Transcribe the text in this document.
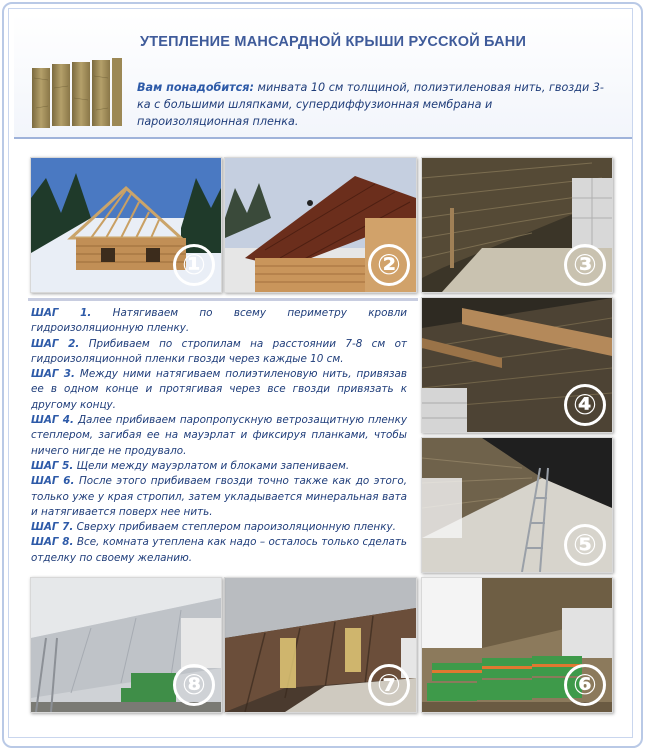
УТЕПЛЕНИЕ МАНСАРДНОЙ КРЫШИ РУССКОЙ БАНИ
Вам понадобится: минвата 10 см толщиной, полиэтиленовая нить, гвозди 3-ка с большими шляпками, супердиффузионная мембрана и пароизоляционная пленка.
①	②	③
④
⑤
⑥
⑦
⑧

ШАГ 1. Натягиваем по всему периметру кровли гидроизоляционную пленку.

ШАГ 2. Прибиваем по стропилам на расстоянии 7-8 см от гидроизоляционной пленки гвозди через каждые 10 см.

ШАГ 3. Между ними натягиваем полиэтиленовую нить, привязав ее в одном конце и протягивая через все гвозди привязать к другому концу.

ШАГ 4. Далее прибиваем паропропускную ветрозащитную пленку степлером, загибая ее на мауэрлат и фиксируя планками, чтобы ничего нигде не продувало.

ШАГ 5. Щели между мауэрлатом и блоками запениваем.

ШАГ 6. После этого прибиваем гвозди точно также как до этого, только уже у края стропил, затем укладывается минеральная вата и натягивается поверх нее нить.

ШАГ 7. Сверху прибиваем степлером пароизоляционную пленку.

ШАГ 8. Все, комната утеплена как надо – осталось только сделать отделку по своему желанию.
